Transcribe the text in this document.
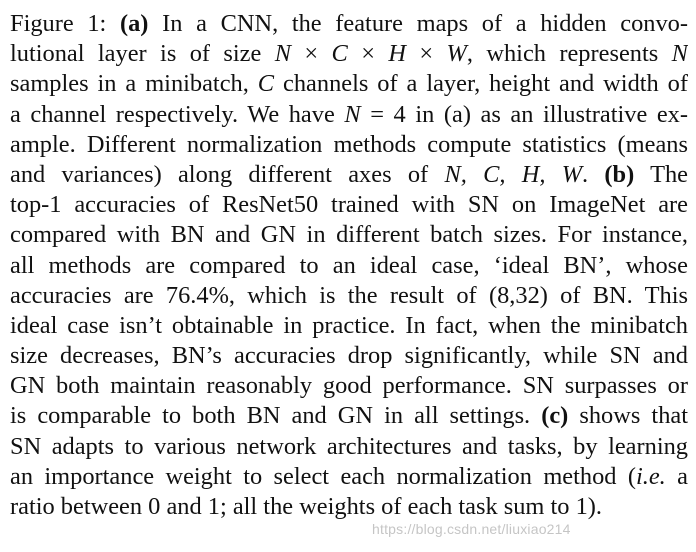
Figure 1: (a) In a CNN, the feature maps of a hidden convo-
lutional layer is of size N × C × H × W, which represents N
samples in a minibatch, C channels of a layer, height and width of
a channel respectively. We have N = 4 in (a) as an illustrative ex-
ample. Different normalization methods compute statistics (means
and variances) along different axes of N, C, H, W. (b) The
top-1 accuracies of ResNet50 trained with SN on ImageNet are
compared with BN and GN in different batch sizes. For instance,
all methods are compared to an ideal case, ‘ideal BN’, whose
accuracies are 76.4%, which is the result of (8,32) of BN. This
ideal case isn’t obtainable in practice. In fact, when the minibatch
size decreases, BN’s accuracies drop significantly, while SN and
GN both maintain reasonably good performance. SN surpasses or
is comparable to both BN and GN in all settings. (c) shows that
SN adapts to various network architectures and tasks, by learning
an importance weight to select each normalization method (i.e. a
ratio between 0 and 1; all the weights of each task sum to 1).
https://blog.csdn.net/liuxiao214
